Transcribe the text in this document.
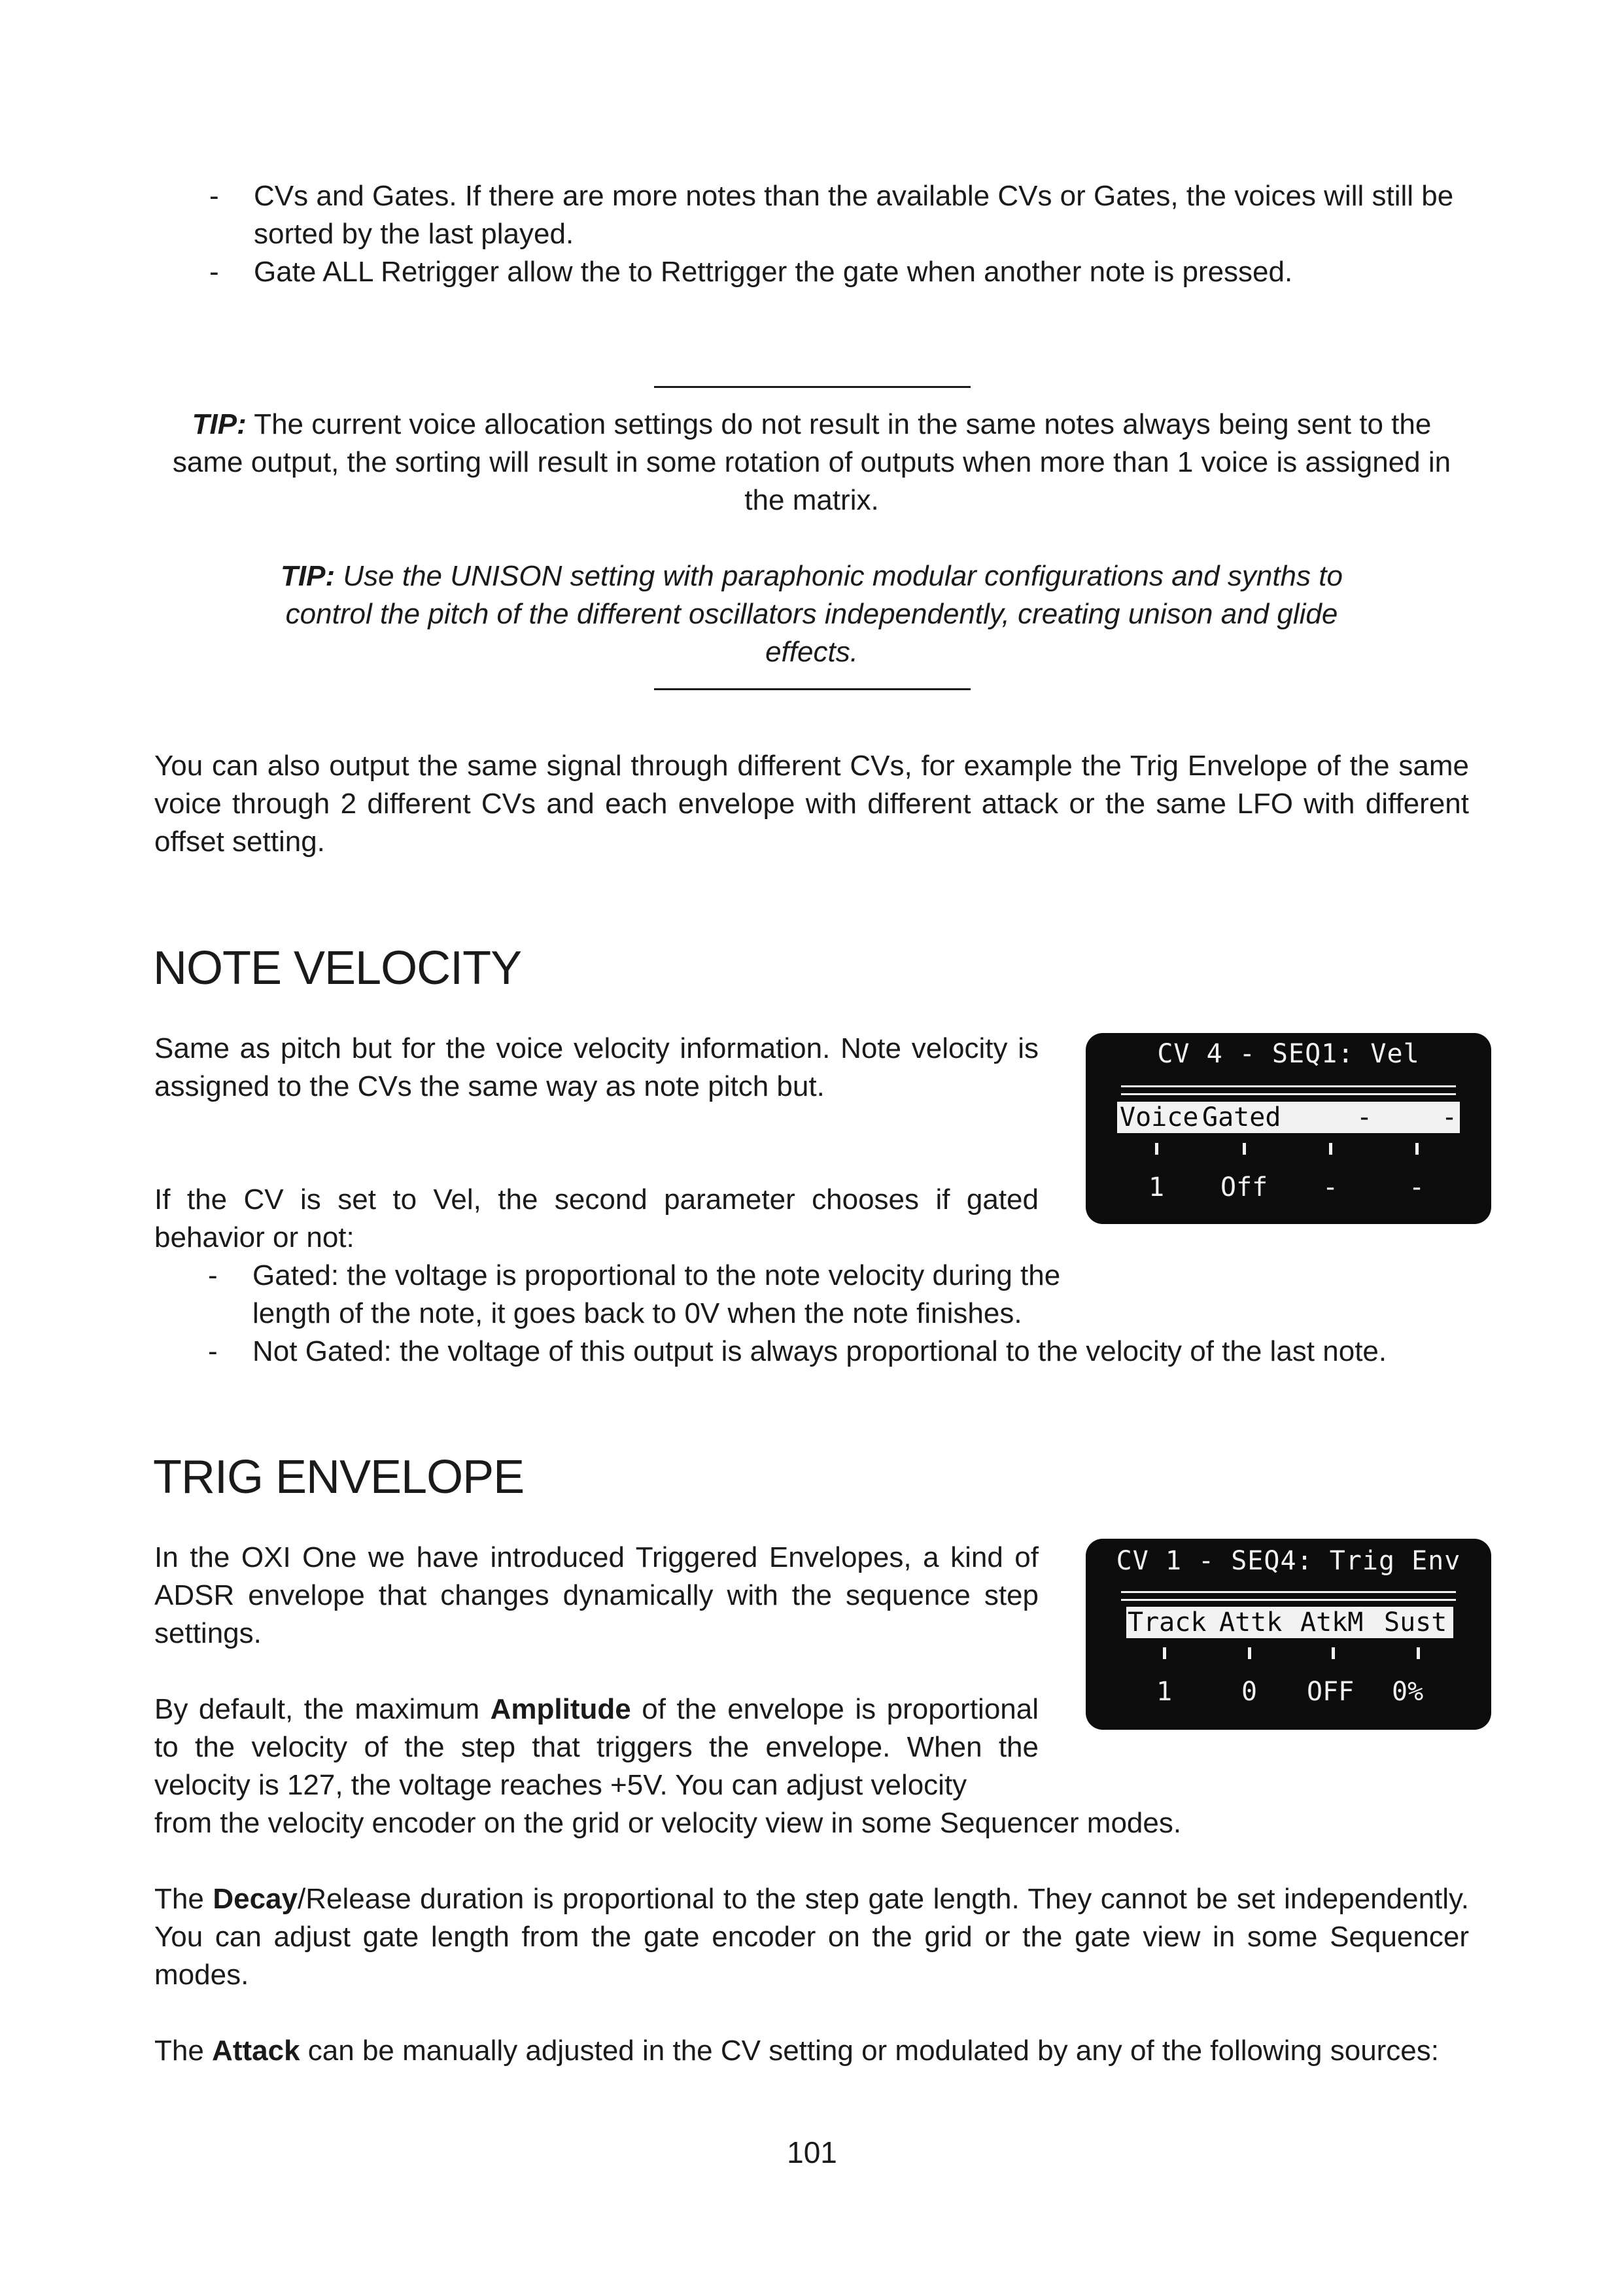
- CVs and Gates. If there are more notes than the available CVs or Gates, the voices will still be sorted by the last played.
- Gate ALL Retrigger allow the to Rettrigger the gate when another note is pressed.

TIP: The current voice allocation settings do not result in the same notes always being sent to the same output, the sorting will result in some rotation of outputs when more than 1 voice is assigned in the matrix.

TIP: Use the UNISON setting with paraphonic modular configurations and synths to control the pitch of the different oscillators independently, creating unison and glide effects.

You can also output the same signal through different CVs, for example the Trig Envelope of the same voice through 2 different CVs and each envelope with different attack or the same LFO with different offset setting.

NOTE VELOCITY

Same as pitch but for the voice velocity information. Note velocity is assigned to the CVs the same way as note pitch but.

If the CV is set to Vel, the second parameter chooses if gated behavior or not:

- Gated: the voltage is proportional to the note velocity during the length of the note, it goes back to 0V when the note finishes.
- Not Gated: the voltage of this output is always proportional to the velocity of the last note.
CV 4 - SEQ1: Vel
Voice Gated	-	-
1 Off -	-
TRIG ENVELOPE

In the OXI One we have introduced Triggered Envelopes, a kind of ADSR envelope that changes dynamically with the sequence step settings.

By default, the maximum Amplitude of the envelope is proportional to the velocity of the step that triggers the envelope. When the velocity is 127, the voltage reaches +5V. You can adjust velocity

from the velocity encoder on the grid or velocity view in some Sequencer modes.

The Decay/Release duration is proportional to the step gate length. They cannot be set independently. You can adjust gate length from the gate encoder on the grid or the gate view in some Sequencer modes.

The Attack can be manually adjusted in the CV setting or modulated by any of the following sources:

CV 1 - SEQ4: Trig Env
Track Attk AtkM Sust
1	0 OFF 0%
101
